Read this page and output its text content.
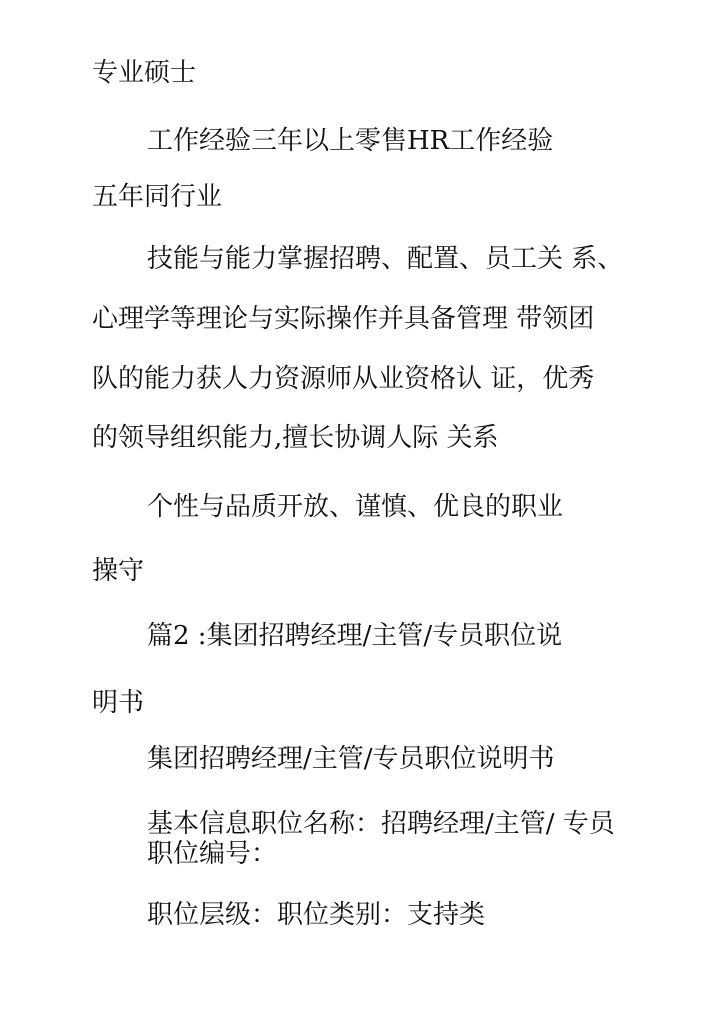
专业硕士

工作经验三年以上零售HR工作经验

五年同行业

技能与能力掌握招聘、配置、员工关 系、

心理学等理论与实际操作并具备管理 带领团

队的能力获人力资源师从业资格认 证，优秀

的领导组织能力,擅长协调人际 关系

个性与品质开放、谨慎、优良的职业

操守

篇2 :集团招聘经理/主管/专员职位说

明书

集团招聘经理/主管/专员职位说明书

基本信息职位名称：招聘经理/主管/ 专员职位编号：

职位层级：职位类别：支持类
